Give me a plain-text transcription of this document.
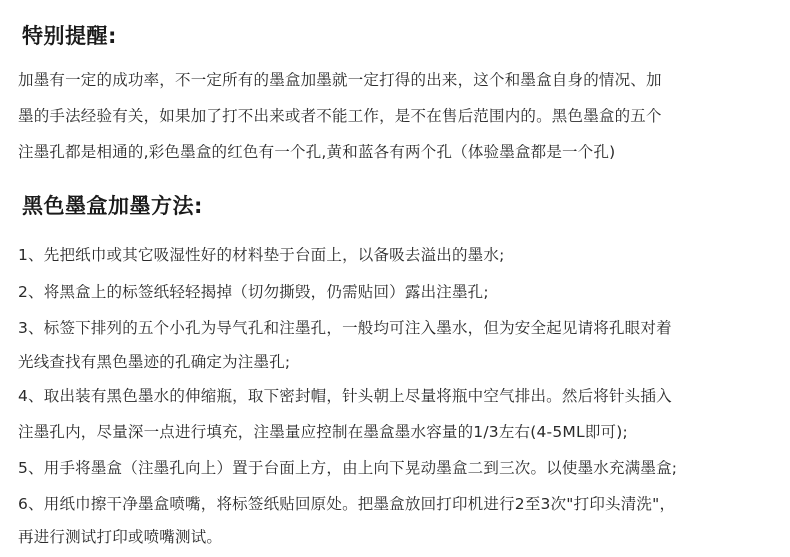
特别提醒:
加墨有一定的成功率，不一定所有的墨盒加墨就一定打得的出来，这个和墨盒自身的情况、加
墨的手法经验有关，如果加了打不出来或者不能工作，是不在售后范围内的。黑色墨盒的五个
注墨孔都是相通的,彩色墨盒的红色有一个孔,黄和蓝各有两个孔（体验墨盒都是一个孔)
黑色墨盒加墨方法:
1、先把纸巾或其它吸湿性好的材料垫于台面上，以备吸去溢出的墨水;
2、将黑盒上的标签纸轻轻揭掉（切勿撕毁，仍需贴回）露出注墨孔;
3、标签下排列的五个小孔为导气孔和注墨孔，一般均可注入墨水，但为安全起见请将孔眼对着
光线查找有黑色墨迹的孔确定为注墨孔;
4、取出装有黑色墨水的伸缩瓶，取下密封帽，针头朝上尽量将瓶中空气排出。然后将针头插入
注墨孔内，尽量深一点进行填充，注墨量应控制在墨盒墨水容量的1/3左右(4-5ML即可);
5、用手将墨盒（注墨孔向上）置于台面上方，由上向下晃动墨盒二到三次。以使墨水充满墨盒;
6、用纸巾擦干净墨盒喷嘴，将标签纸贴回原处。把墨盒放回打印机进行2至3次"打印头清洗"，
再进行测试打印或喷嘴测试。
